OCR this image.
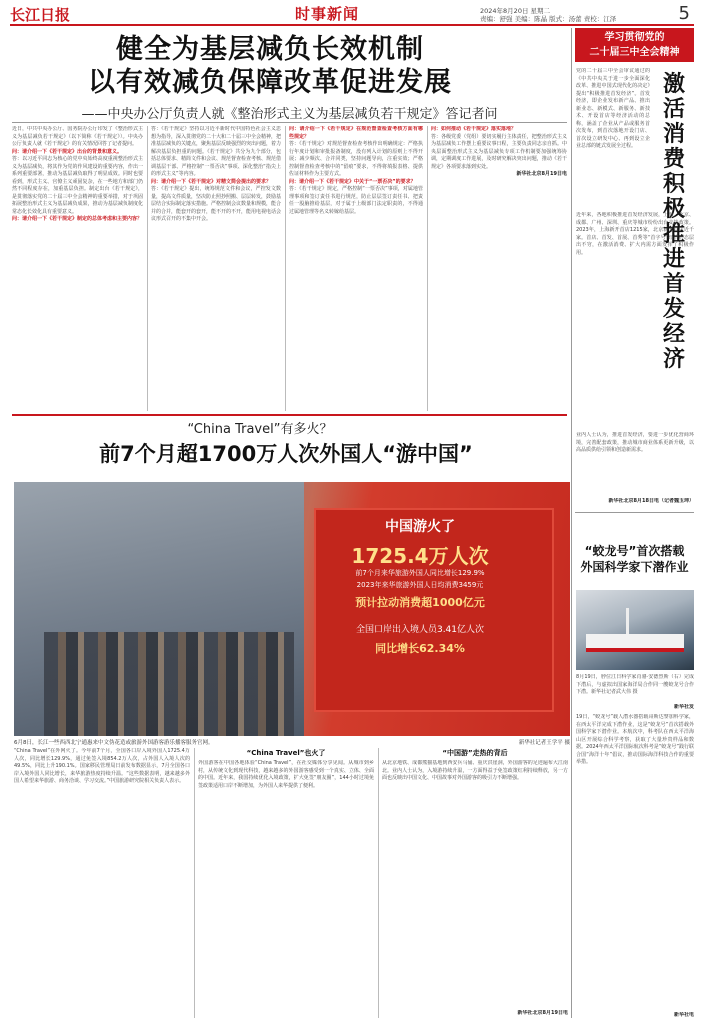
长江日报	时事新闻	2024年8月20日 星期二
责编：舒强 美编：陈晶 版式：汤蕾 责校：江泽	5
健全为基层减负长效机制
以有效减负保障改革促进发展
——中央办公厅负责人就《整治形式主义为基层减负若干规定》答记者问

近日，中共中央办公厅、国务院办公厅印发了《整治形式主义为基层减负若干规定》（以下简称《若干规定》）。中央办公厅负责人就《若干规定》的有关情况回答了记者提问。

问：请介绍一下《若干规定》出台的背景和意义。

答：以习近平同志为核心的党中央始终高度重视整治形式主义为基层减负，将其作为党的作风建设的重要内容，作出一系列重要部署，推动为基层减负取得了明显成效。同时也要看到，形式主义、官僚主义顽固复杂，在一些地方和部门仍然不同程度存在，加重基层负担。制定出台《若干规定》，是贯彻落实党的二十届三中全会精神的重要举措，对于巩固拓展整治形式主义为基层减负成果，推动为基层减负制度化常态化长效化具有重要意义。

问：请介绍一下《若干规定》制定的总体考虑和主要内容？

答：《若干规定》坚持以习近平新时代中国特色社会主义思想为指导，深入贯彻党的二十大和二十届三中全会精神，把准基层减负的关键点，聚焦基层反映强烈的突出问题，着力解决基层负担重的问题。《若干规定》共分为九个部分，包括总体要求、精简文件和会议、规范督查检查考核、规范借调基层干部、严格控制“一票否决”事项、深化整治“指尖上的形式主义”等内容。

问：请介绍一下《若干规定》对精文简会提出的要求？

答：《若干规定》提出，统筹规范文件和会议，严控发文数量，提高文件质量，坚决防止照抄照搬、层层转发，鼓励基层结合实际制定落实措施。严格控制会议数量和规模，能合并的合并，能套开的套开，能不开的不开，能用电视电话会议形式召开的不集中开会。

问：请介绍一下《若干规定》在规范督查检查考核方面有哪些规定？

答：《若干规定》对规范督查检查考核作出明确规定：严格执行年度计划和审批报备制度，没有列入计划的原则上不得开展；减少频次、合并同类，坚持问题导向，注重实效；严格控制督查检查考核中的“留痕”要求，不得将填报表格、提供佐证材料作为主要方式。

问：请介绍一下《若干规定》中关于“一票否决”的要求？

答：《若干规定》规定，严格控制“一票否决”事项，对属地管理事项和签订责任书进行规范，防止层层签订责任书、把责任一股脑推给基层，对于属于上级部门法定职责的，不得通过属地管理等名义转嫁给基层。

问：如何推动《若干规定》落实落地？

答：各级党委（党组）要切实履行主体责任，把整治形式主义为基层减负工作摆上重要议事日程，主要负责同志亲自抓。中央层面整治形式主义为基层减负专项工作机制要加强统筹协调，定期调度工作进展，及时研究解决突出问题，推动《若干规定》各项要求落到实处。

新华社北京8月19日电

学习贯彻党的
二十届三中全会精神
党的二十届三中全会审议通过的《中共中央关于进一步全面深化改革、推进中国式现代化的决定》提出“积极推进首发经济”。首发经济，即企业发布新产品、推出新业态、新模式、新服务、新技术、开设首店等经济活动的总称，涵盖了企业从产品或服务首次发布，到首次落地开设门店、首次设立研发中心、再到设立企业总部的链式发展全过程。
激活消费积极推进首发经济
近年来，各地积极推进首发经济发展，上海、北京、成都、广州、深圳、重庆等城市纷纷出台支持政策。2023年，上海新开首店1215家，北京新开首店近千家。首店、首发、首展、首秀等“首字号”经济形态层出不穷，在激活消费、扩大内需方面发挥了积极作用。
业内人士认为，推进首发经济，要进一步优化营商环境，完善配套政策，推动城市商业体系更新升级，以高品质供给引领和创造新需求。
新华社北京8月18日电（记者魏玉坤）
“蛟龙号”首次搭载
外国科学家下潜作业
8月19日，脖位江日科学家肖骆·安德烈斯（右）完成下潜后，与虚拟出国家海洋局合作同一艘蛟龙号合作下潜。新华社记者武大伟 摄
新华社发
19日，“蛟龙号”载人潜水器搭载哥斯达黎加科学家，在西太平洋完成下潜作业，这是“蛟龙号”首次搭载外国科学家下潜作业。本航次中，科考队在西太平洋海山区开展综合科学考察，获取了大量珍贵样品和数据。2024年西太平洋国际航次科考是“蛟龙号”践行联合国“海洋十年”倡议，推动国际海洋科技合作的重要举措。
新华社电
“China Travel”有多火？
前7个月超1700万人次外国人“游中国”
中国游火了
1725.4万人次
前7个月来华旅游外国人同比增长129.9%
2023年来华旅游外国人日均消费3459元
预计拉动消费超1000亿元
全国口岸出入境人员3.41亿人次
同比增长62.34%
6月8日，长江一些西西北宁通惠来中文伪花造或旅游外国游客游乐播客服务官网。	新华社记者王学平 摄
“China Travel”在外网火了。今年前7个月，全国各口岸入境外国人1725.4万人次，同比增长129.9%，通过免签入境854.2万人次，占外国人入境人次的49.5%，同比上升190.1%。国家移民管理局日前发布数据显示，7月全国各口岸入境外国人同比增长，来华旅游热度持续升温。“这些数据表明，越来越多外国人希望来华旅游、商务洽谈、学习交流。”中国旅游研究院相关负责人表示。
“China Travel”也火了
外国游客在中国各地体验“China Travel”，在社交媒体分享见闻。从城市到乡村，从传统文化到现代科技，越来越多的外国游客感受到一个真实、立体、全面的中国。近年来，我国持续优化入境政策，扩大免签“朋友圈”，144小时过境免签政策适用口岸不断增加，为外国人来华提供了便利。
“中国游”走热的背后
从北京地铁、成都熊猫基地到西安兵马俑、重庆洪崖洞，外国游客的足迹遍布大江南北。业内人士认为，入境游持续升温，一方面得益于免签政策红利持续释放，另一方面也反映出中国文化、中国故事对外国游客的吸引力不断增强。
新华社北京8月19日电
